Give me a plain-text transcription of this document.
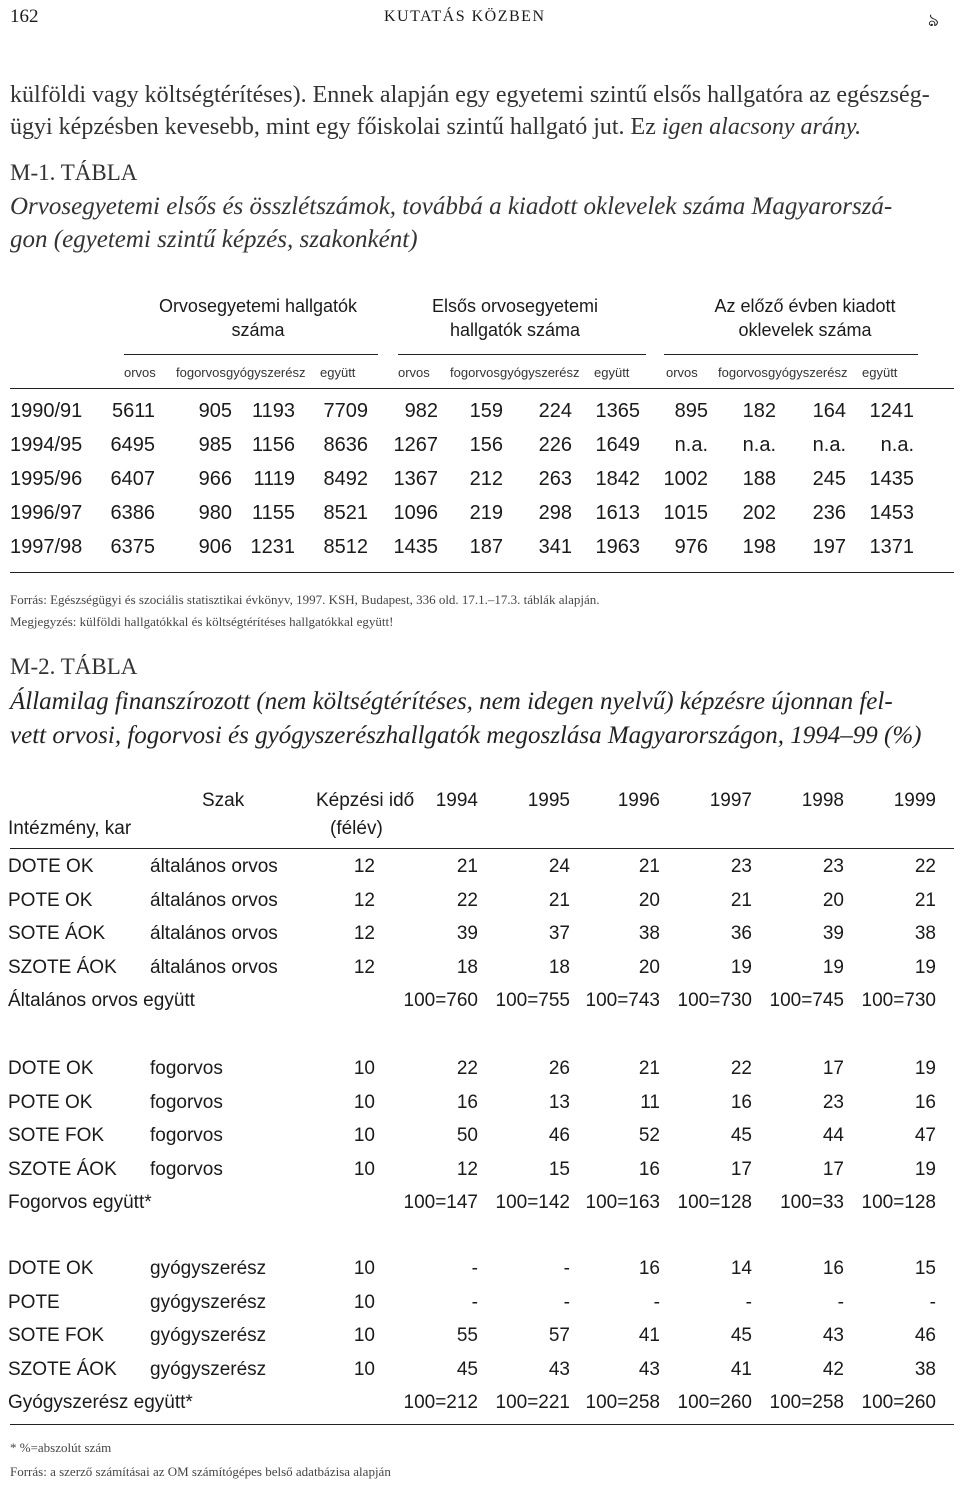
162	KUTATÁS KÖZBEN	ঌ
külföldi vagy költségtérítéses). Ennek alapján egy egyetemi szintű elsős hallgatóra az egészség-
ügyi képzésben kevesebb, mint egy főiskolai szintű hallgató jut. Ez igen alacsony arány.
M-1. TÁBLA
Orvosegyetemi elsős és összlétszámok, továbbá a kiadott oklevelek száma Magyarorszá-
gon (egyetemi szintű képzés, szakonként)
Orvosegyetemi hallgatók száma
Elsős orvosegyetemi hallgatók száma
Az előző évben kiadott oklevelek száma
orvos fogorvos gyógyszerész együtt	orvos fogorvos gyógyszerész együtt	orvos fogorvos gyógyszerész együtt
1990/91	5611	905 1193	7709	982	159	224	1365	895	182	164	1241
1994/95	6495	985 1156	8636	1267	156	226	1649	n.a.	n.a.	n.a.	n.a.
1995/96	6407	966	1119	8492	1367	212	263	1842	1002	188	245	1435
1996/97	6386	980 1155	8521	1096	219	298	1613	1015	202	236	1453
1997/98	6375	906 1231	8512	1435	187	341	1963	976	198	197	1371
Forrás: Egészségügyi és szociális statisztikai évkönyv, 1997. KSH, Budapest, 336 old. 17.1.–17.3. táblák alapján.
Megjegyzés: külföldi hallgatókkal és költségtérítéses hallgatókkal együtt!
M-2. TÁBLA
Államilag finanszírozott (nem költségtérítéses, nem idegen nyelvű) képzésre újonnan fel-
vett orvosi, fogorvosi és gyógyszerészhallgatók megoszlása Magyarországon, 1994–99 (%)
Szak	Képzési idő
(félév)
Intézmény, kar
1994	1995	1996	1997	1998	1999
DOTE OK	általános orvos	12	21	24	21	23	23	22
POTE OK	általános orvos	12	22	21	20	21	20	21
SOTE ÁOK általános orvos	12	39	37	38	36	39	38
SZOTE ÁOK általános orvos	12	18	18	20	19	19	19
Általános orvos együtt	100=760 100=755 100=743 100=730 100=745 100=730
DOTE OK	fogorvos	10	22	26	21	22	17	19
POTE OK	fogorvos	10	16	13	11	16	23	16
SOTE FOK fogorvos	10	50	46	52	45	44	47
SZOTE ÁOK fogorvos	10	12	15	16	17	17	19
Fogorvos együtt*	100=147 100=142 100=163 100=128	100=33 100=128
DOTE OK	gyógyszerész	10	-	-	16	14	16	15
POTE	gyógyszerész	10	-	-	-	-	-	-
SOTE FOK gyógyszerész	10	55	57	41	45	43	46
SZOTE ÁOK gyógyszerész	10	45	43	43	41	42	38
Gyógyszerész együtt*	100=212 100=221 100=258 100=260 100=258 100=260
* %=abszolút szám
Forrás: a szerző számításai az OM számítógépes belső adatbázisa alapján
